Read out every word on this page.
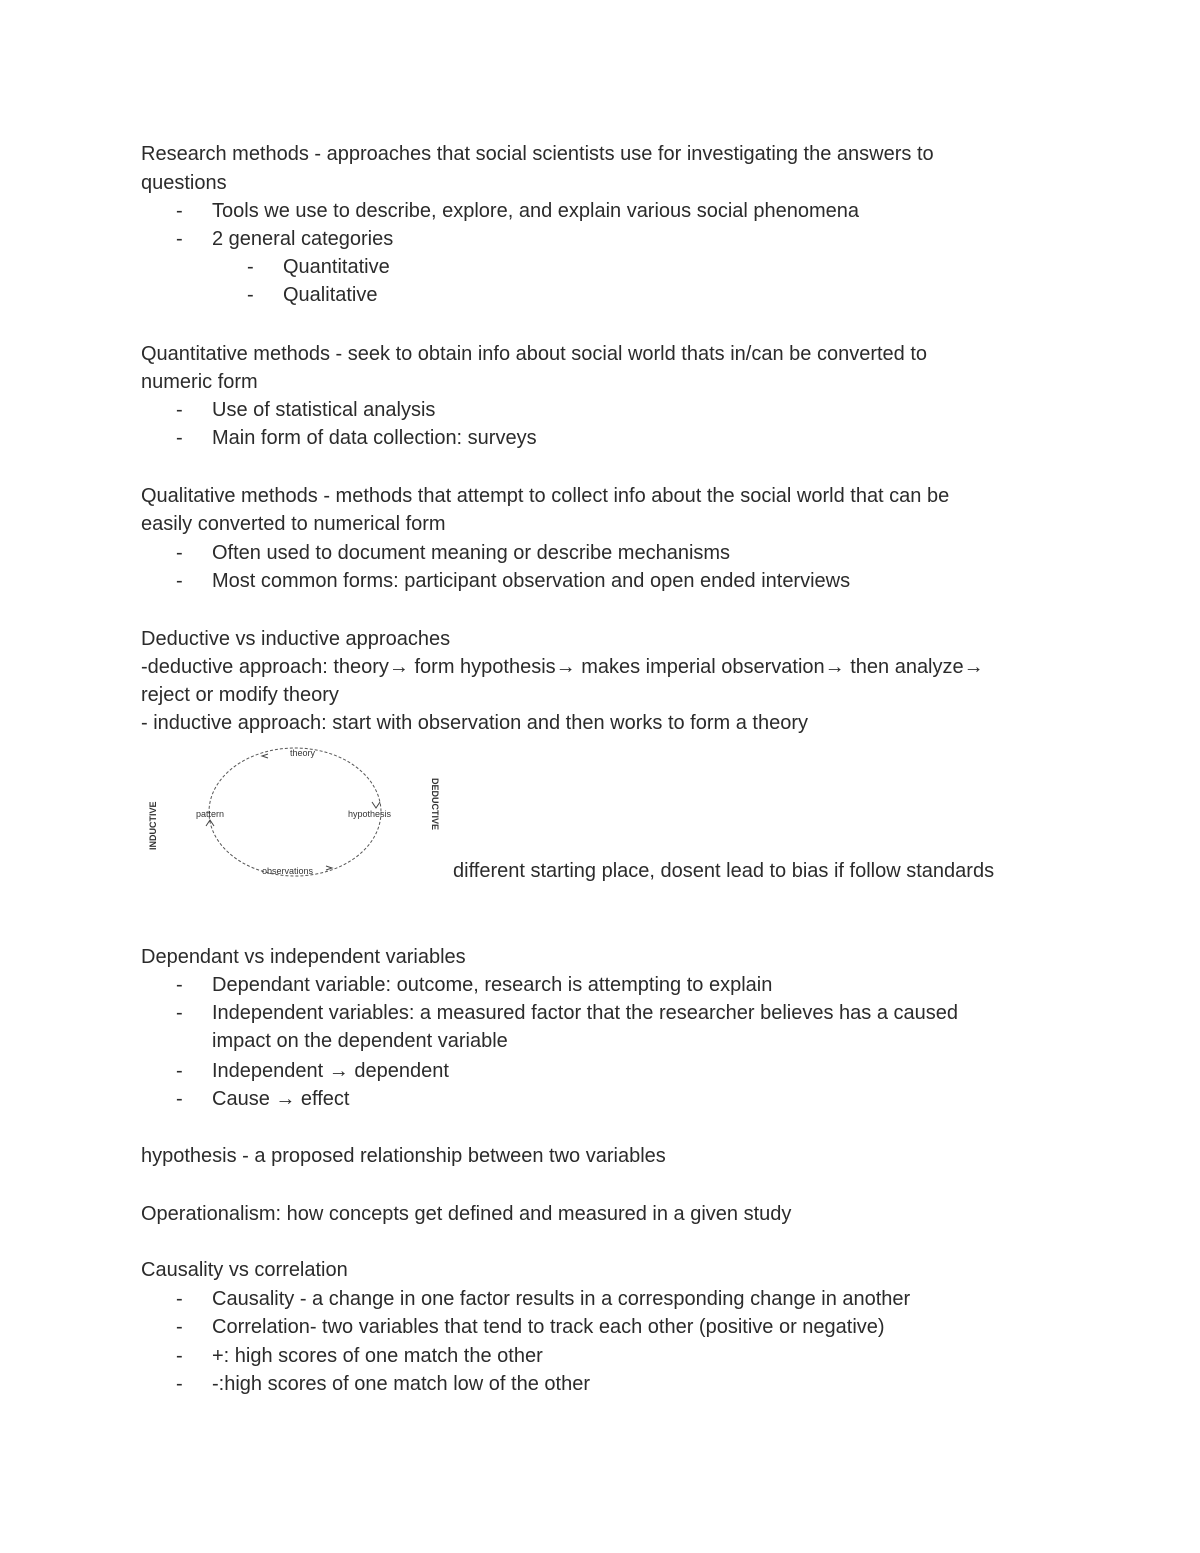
Research methods - approaches that social scientists use for investigating the answers to
questions
- Tools we use to describe, explore, and explain various social phenomena
- 2 general categories
- Quantitative
- Qualitative
Quantitative methods - seek to obtain info about social world thats in/can be converted to
numeric form
- Use of statistical analysis
- Main form of data collection: surveys
Qualitative methods - methods that attempt to collect info about the social world that can be
easily converted to numerical form
- Often used to document meaning or describe mechanisms
- Most common forms: participant observation and open ended interviews
Deductive vs inductive approaches
-deductive approach: theory→ form hypothesis→ makes imperial observation→ then analyze→
reject or modify theory
- inductive approach: start with observation and then works to form a theory
theory
hypothesis
observations
pattern
INDUCTIVE	DEDUCTIVE
different starting place, dosent lead to bias if follow standards
Dependant vs independent variables
- Dependant variable: outcome, research is attempting to explain
- Independent variables: a measured factor that the researcher believes has a caused
impact on the dependent variable
- Independent → dependent
- Cause → effect
hypothesis - a proposed relationship between two variables
Operationalism: how concepts get defined and measured in a given study
Causality vs correlation
- Causality - a change in one factor results in a corresponding change in another
- Correlation- two variables that tend to track each other (positive or negative)
- +: high scores of one match the other
- -:high scores of one match low of the other
